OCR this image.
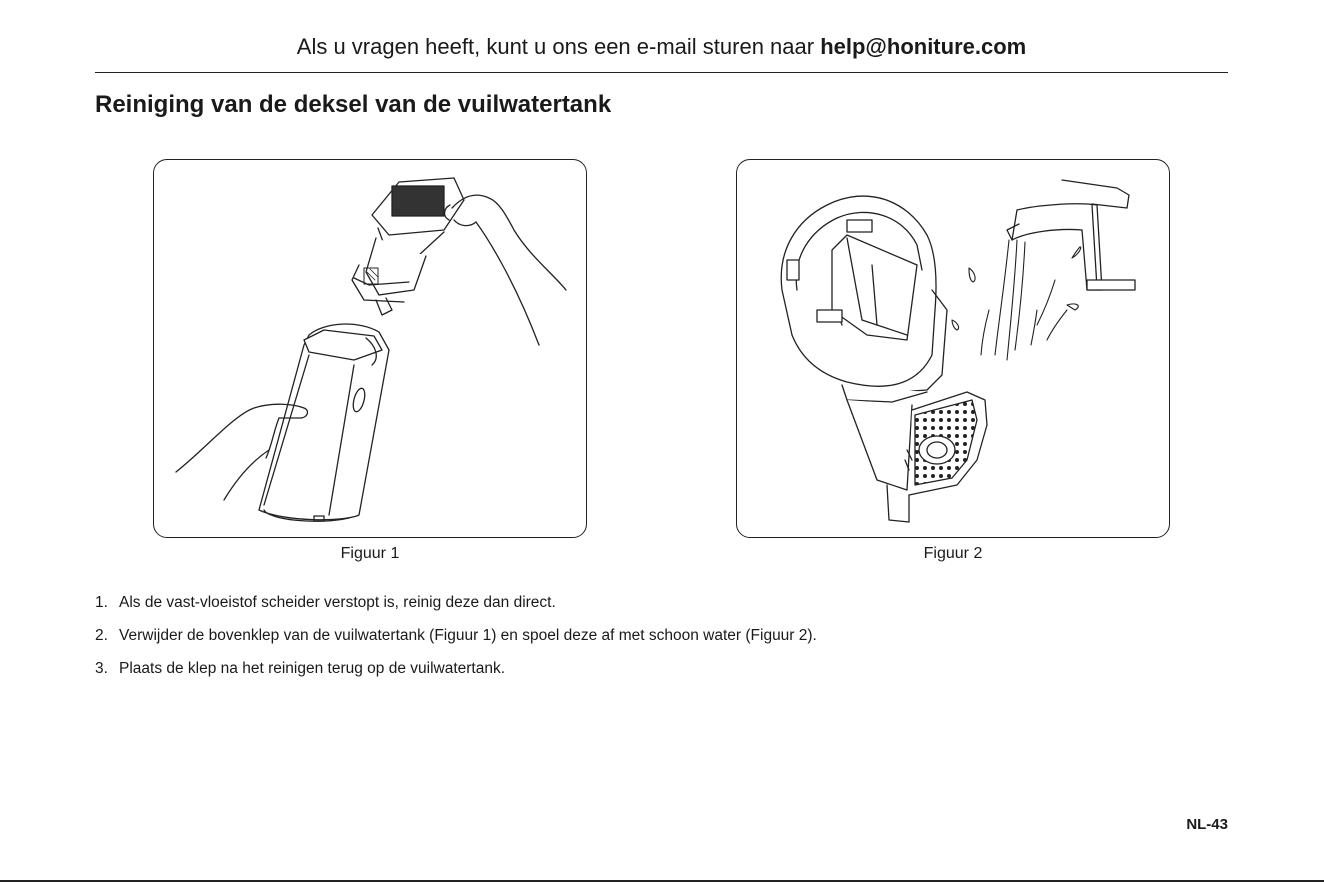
Als u vragen heeft, kunt u ons een e-mail sturen naar help@honiture.com
Reiniging van de deksel van de vuilwatertank
Figuur 1	Figuur 2
1. Als de vast-vloeistof scheider verstopt is, reinig deze dan direct.
2. Verwijder de bovenklep van de vuilwatertank (Figuur 1) en spoel deze af met schoon water (Figuur 2).
3. Plaats de klep na het reinigen terug op de vuilwatertank.
NL-43
